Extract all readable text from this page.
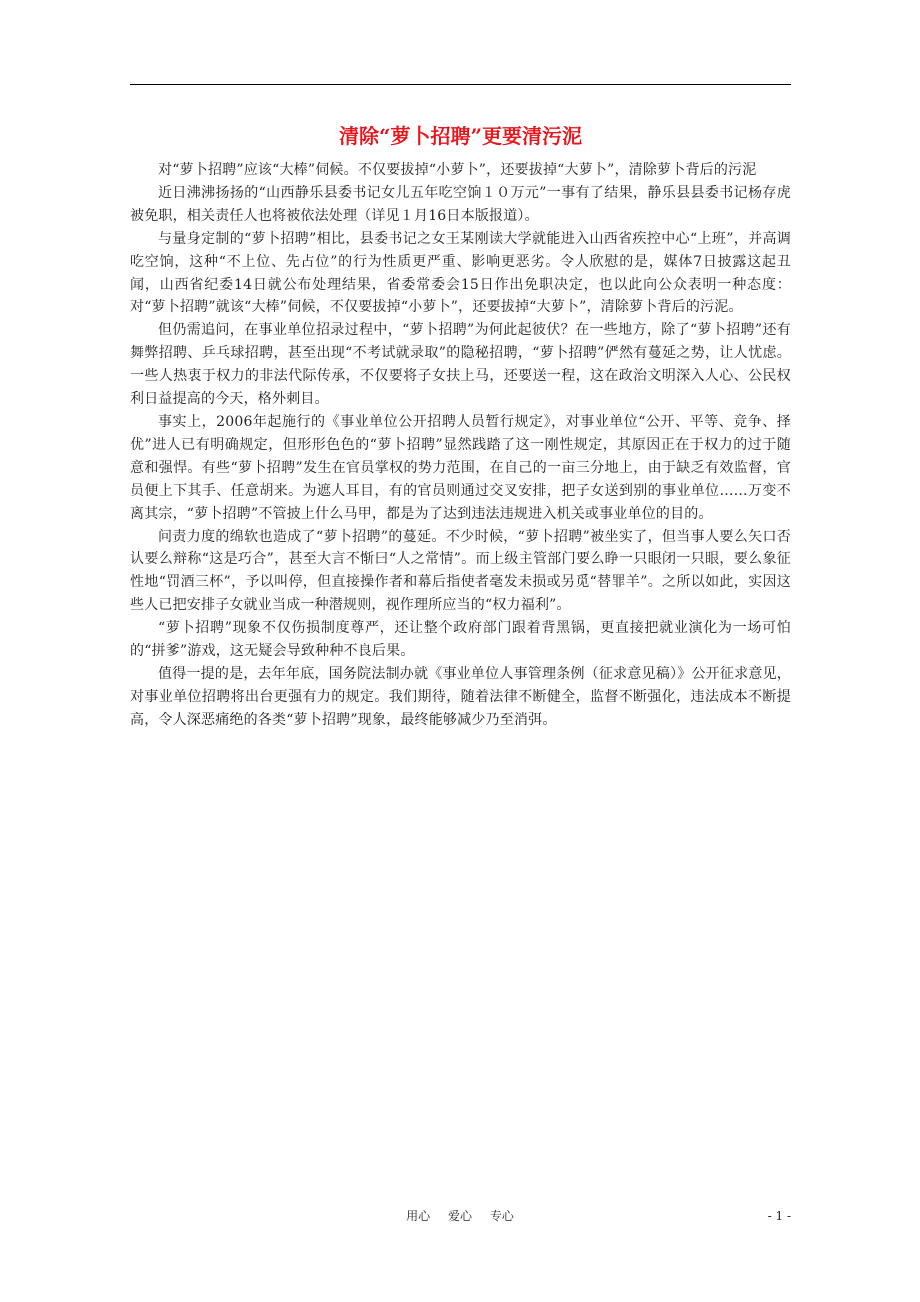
清除“萝卜招聘”更要清污泥

对“萝卜招聘”应该“大棒”伺候。不仅要拔掉“小萝卜”，还要拔掉“大萝卜”，清除萝卜背后的污泥

近日沸沸扬扬的“山西静乐县委书记女儿五年吃空饷１０万元”一事有了结果，静乐县县委书记杨存虎被免职，相关责任人也将被依法处理（详见１月16日本版报道）。

与量身定制的“萝卜招聘”相比，县委书记之女王某刚读大学就能进入山西省疾控中心“上班”，并高调吃空饷，这种“不上位、先占位”的行为性质更严重、影响更恶劣。令人欣慰的是，媒体7日披露这起丑闻，山西省纪委14日就公布处理结果，省委常委会15日作出免职决定，也以此向公众表明一种态度：对“萝卜招聘”就该“大棒”伺候，不仅要拔掉“小萝卜”，还要拔掉“大萝卜”，清除萝卜背后的污泥。

但仍需追问，在事业单位招录过程中，“萝卜招聘”为何此起彼伏？在一些地方，除了“萝卜招聘”还有舞弊招聘、乒乓球招聘，甚至出现“不考试就录取”的隐秘招聘，“萝卜招聘”俨然有蔓延之势，让人忧虑。一些人热衷于权力的非法代际传承，不仅要将子女扶上马，还要送一程，这在政治文明深入人心、公民权利日益提高的今天，格外刺目。

事实上，2006年起施行的《事业单位公开招聘人员暂行规定》，对事业单位“公开、平等、竞争、择优”进人已有明确规定，但形形色色的“萝卜招聘”显然践踏了这一刚性规定，其原因正在于权力的过于随意和强悍。有些“萝卜招聘”发生在官员掌权的势力范围，在自己的一亩三分地上，由于缺乏有效监督，官员便上下其手、任意胡来。为遮人耳目，有的官员则通过交叉安排，把子女送到别的事业单位……万变不离其宗，“萝卜招聘”不管披上什么马甲，都是为了达到违法违规进入机关或事业单位的目的。

问责力度的绵软也造成了“萝卜招聘”的蔓延。不少时候，“萝卜招聘”被坐实了，但当事人要么矢口否认要么辩称“这是巧合”，甚至大言不惭曰“人之常情”。而上级主管部门要么睁一只眼闭一只眼，要么象征性地“罚酒三杯”，予以叫停，但直接操作者和幕后指使者毫发未损或另觅“替罪羊”。之所以如此，实因这些人已把安排子女就业当成一种潜规则，视作理所应当的“权力福利”。

“萝卜招聘”现象不仅伤损制度尊严，还让整个政府部门跟着背黑锅，更直接把就业演化为一场可怕的“拼爹”游戏，这无疑会导致种种不良后果。

值得一提的是，去年年底，国务院法制办就《事业单位人事管理条例（征求意见稿）》公开征求意见，对事业单位招聘将出台更强有力的规定。我们期待，随着法律不断健全，监督不断强化，违法成本不断提高，令人深恶痛绝的各类“萝卜招聘”现象，最终能够减少乃至消弭。

用心 爱心 专心	- 1 -
